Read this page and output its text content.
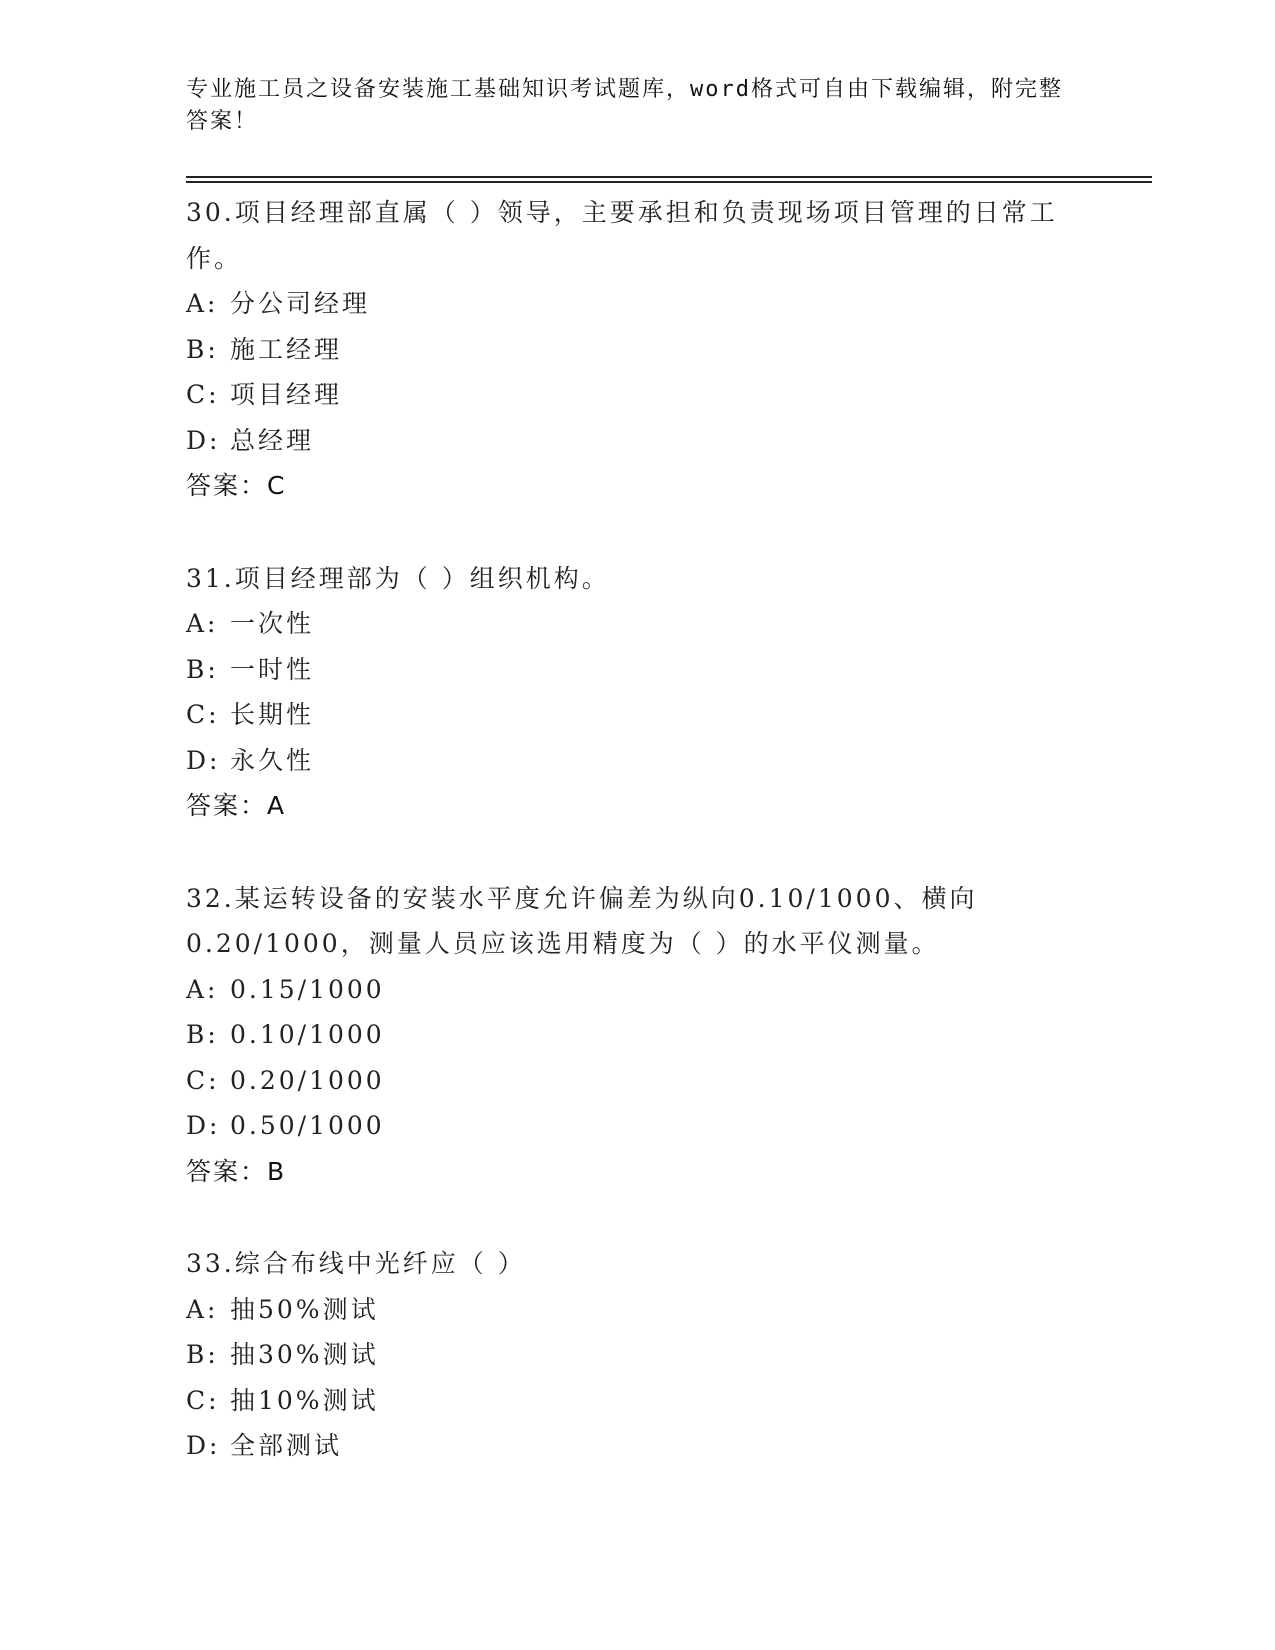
专业施工员之设备安装施工基础知识考试题库，word格式可自由下载编辑，附完整答案！
30.项目经理部直属（ ）领导，主要承担和负责现场项目管理的日常工作。
A: 分公司经理
B: 施工经理
C: 项目经理
D: 总经理
答案：C
31.项目经理部为（ ）组织机构。
A: 一次性
B: 一时性
C: 长期性
D: 永久性
答案：A
32.某运转设备的安装水平度允许偏差为纵向0.10/1000、横向0.20/1000，测量人员应该选用精度为（ ）的水平仪测量。
A: 0.15/1000
B: 0.10/1000
C: 0.20/1000
D: 0.50/1000
答案：B
33.综合布线中光纤应（ ）
A: 抽50%测试
B: 抽30%测试
C: 抽10%测试
D: 全部测试
